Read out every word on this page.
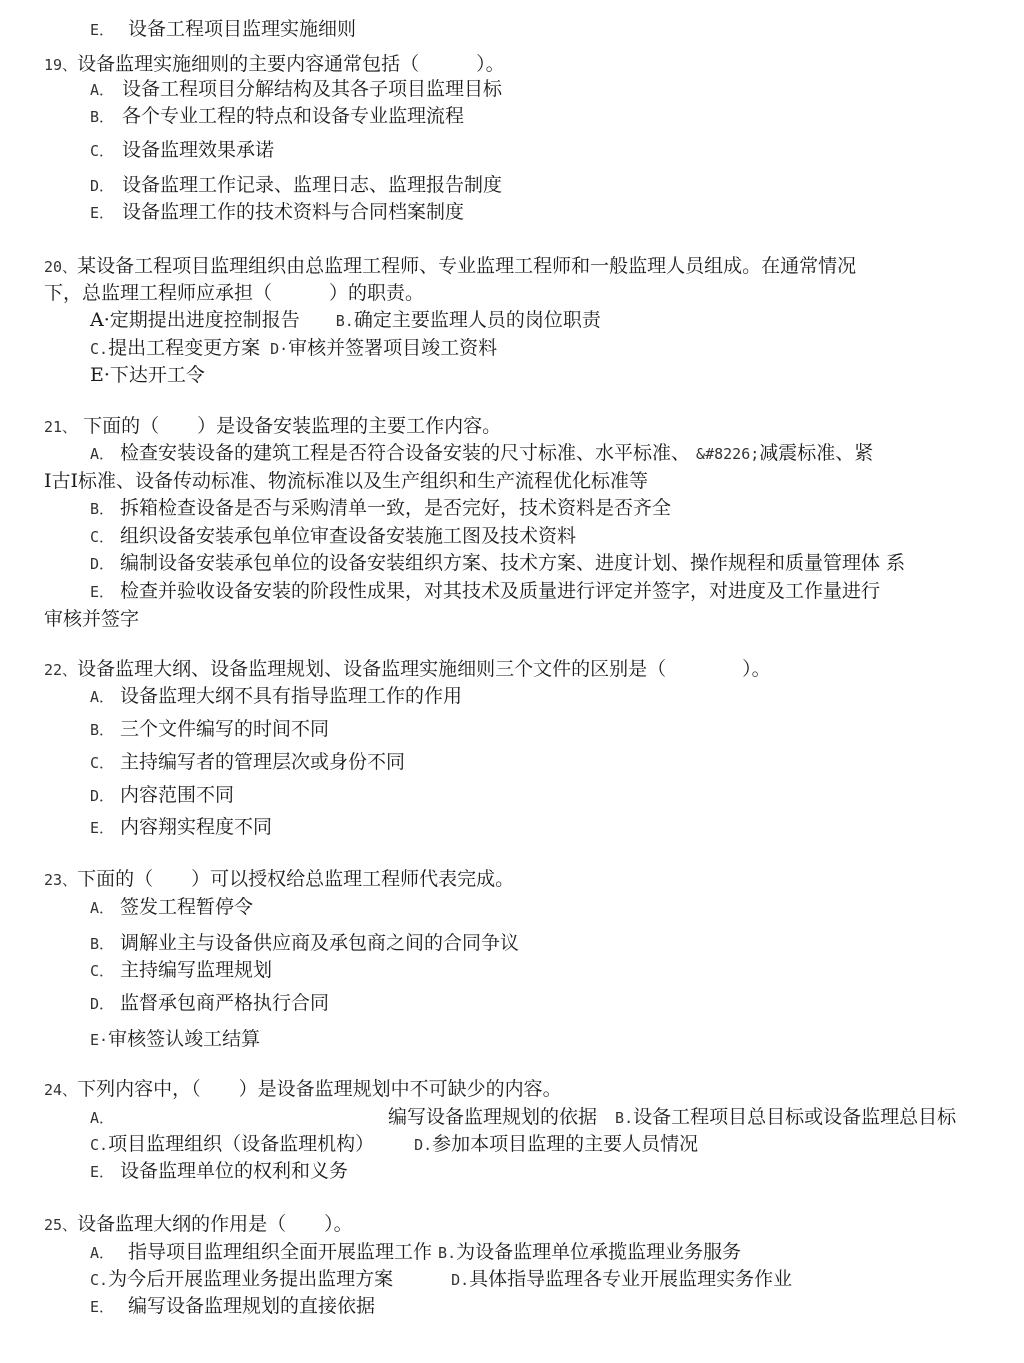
E． 设备工程项目监理实施细则
19、设备监理实施细则的主要内容通常包括（　　　）。
A． 设备工程项目分解结构及其各子项目监理目标
B． 各个专业工程的特点和设备专业监理流程
C． 设备监理效果承诺
D． 设备监理工作记录、监理日志、监理报告制度
E． 设备监理工作的技术资料与合同档案制度
20、某设备工程项目监理组织由总监理工程师、专业监理工程师和一般监理人员组成。在通常情况
下，总监理工程师应承担（　　　）的职责。
A·定期提出进度控制报告 B.确定主要监理人员的岗位职责
C.提出工程变更方案 D·审核并签署项目竣工资料
E·下达开工令
21、 下面的（　　）是设备安装监理的主要工作内容。
A． 检查安装设备的建筑工程是否符合设备安装的尺寸标准、水平标准、 &#8226;减震标准、紧
I古I标准、设备传动标准、物流标准以及生产组织和生产流程优化标准等
B． 拆箱检查设备是否与采购清单一致，是否完好，技术资料是否齐全
C． 组织设备安装承包单位审查设备安装施工图及技术资料
D． 编制设备安装承包单位的设备安装组织方案、技术方案、进度计划、操作规程和质量管理体 系
E． 检查并验收设备安装的阶段性成果，对其技术及质量进行评定并签字，对进度及工作量进行
审核并签字
22、设备监理大纲、设备监理规划、设备监理实施细则三个文件的区别是（　　　　）。
A． 设备监理大纲不具有指导监理工作的作用
B． 三个文件编写的时间不同
C． 主持编写者的管理层次或身份不同
D． 内容范围不同
E． 内容翔实程度不同
23、下面的（　　）可以授权给总监理工程师代表完成。
A． 签发工程暂停令
B． 调解业主与设备供应商及承包商之间的合同争议
C． 主持编写监理规划
D． 监督承包商严格执行合同
E·审核签认竣工结算
24、下列内容中，（　　）是设备监理规划中不可缺少的内容。
A．	编写设备监理规划的依据 B.设备工程项目总目标或设备监理总目标
C.项目监理组织（设备监理机构）	D.参加本项目监理的主要人员情况
E． 设备监理单位的权利和义务
25、设备监理大纲的作用是（　　）。
A． 指导项目监理组织全面开展监理工作 B.为设备监理单位承揽监理业务服务
C.为今后开展监理业务提出监理方案	D.具体指导监理各专业开展监理实务作业
E． 编写设备监理规划的直接依据
